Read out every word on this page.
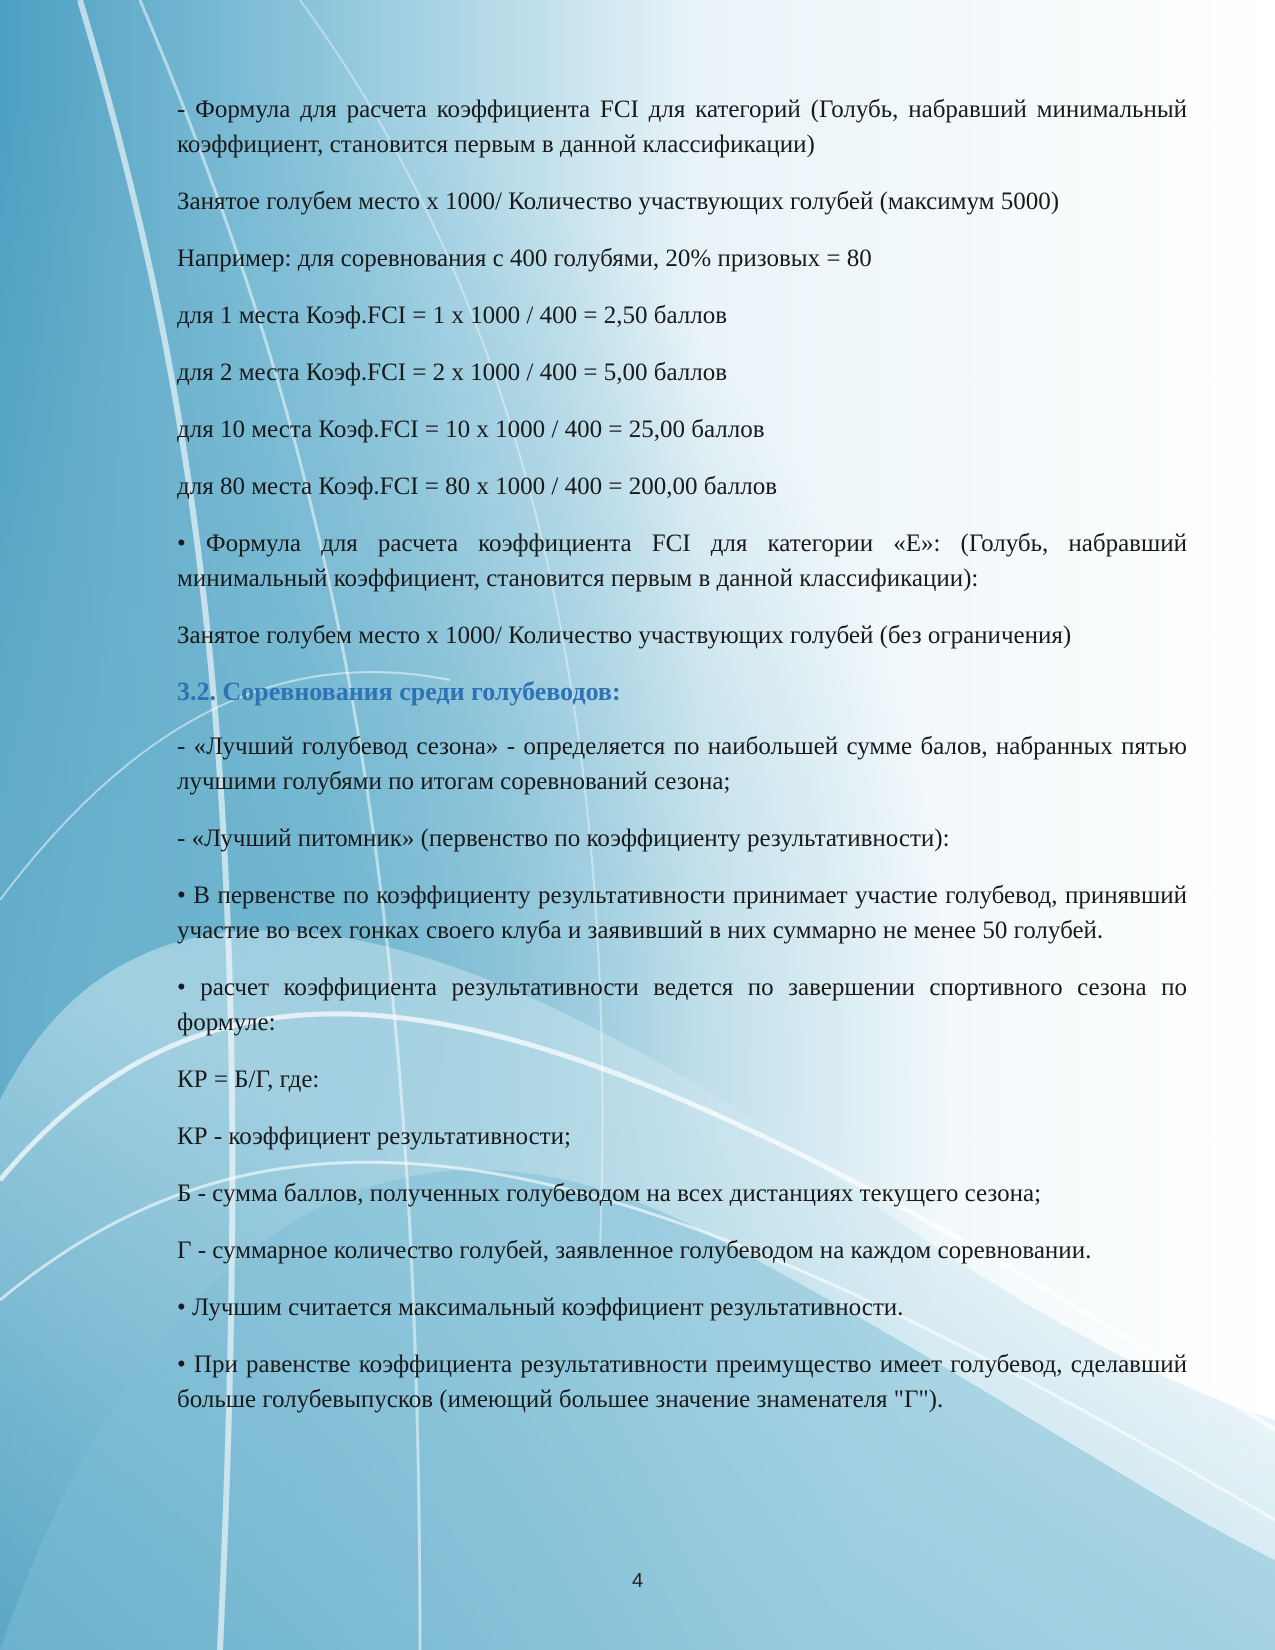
- Формула для расчета коэффициента FCI для категорий (Голубь, набравший минимальный коэффициент, становится первым в данной классификации)

Занятое голубем место х 1000/ Количество участвующих голубей (максимум 5000)

Например: для соревнования с 400 голубями, 20% призовых = 80

для 1 места Коэф.FCI = 1 х 1000 / 400 = 2,50 баллов

для 2 места Коэф.FCI = 2 х 1000 / 400 = 5,00 баллов

для 10 места Коэф.FCI = 10 х 1000 / 400 = 25,00 баллов

для 80 места Коэф.FCI = 80 х 1000 / 400 = 200,00 баллов

• Формула для расчета коэффициента FCI для категории «E»: (Голубь, набравший минимальный коэффициент, становится первым в данной классификации):

Занятое голубем место х 1000/ Количество участвующих голубей (без ограничения)

3.2. Соревнования среди голубеводов:

- «Лучший голубевод сезона» - определяется по наибольшей сумме балов, набранных пятью лучшими голубями по итогам соревнований сезона;

- «Лучший питомник» (первенство по коэффициенту результативности):

• В первенстве по коэффициенту результативности принимает участие голубевод, принявший участие во всех гонках своего клуба и заявивший в них суммарно не менее 50 голубей.

• расчет коэффициента результативности ведется по завершении спортивного сезона по формуле:

КР = Б/Г, где:

КР - коэффициент результативности;

Б - сумма баллов, полученных голубеводом на всех дистанциях текущего сезона;

Г - суммарное количество голубей, заявленное голубеводом на каждом соревновании.

• Лучшим считается максимальный коэффициент результативности.

• При равенстве коэффициента результативности преимущество имеет голубевод, сделавший больше голубевыпусков (имеющий большее значение знаменателя "Г").

4
